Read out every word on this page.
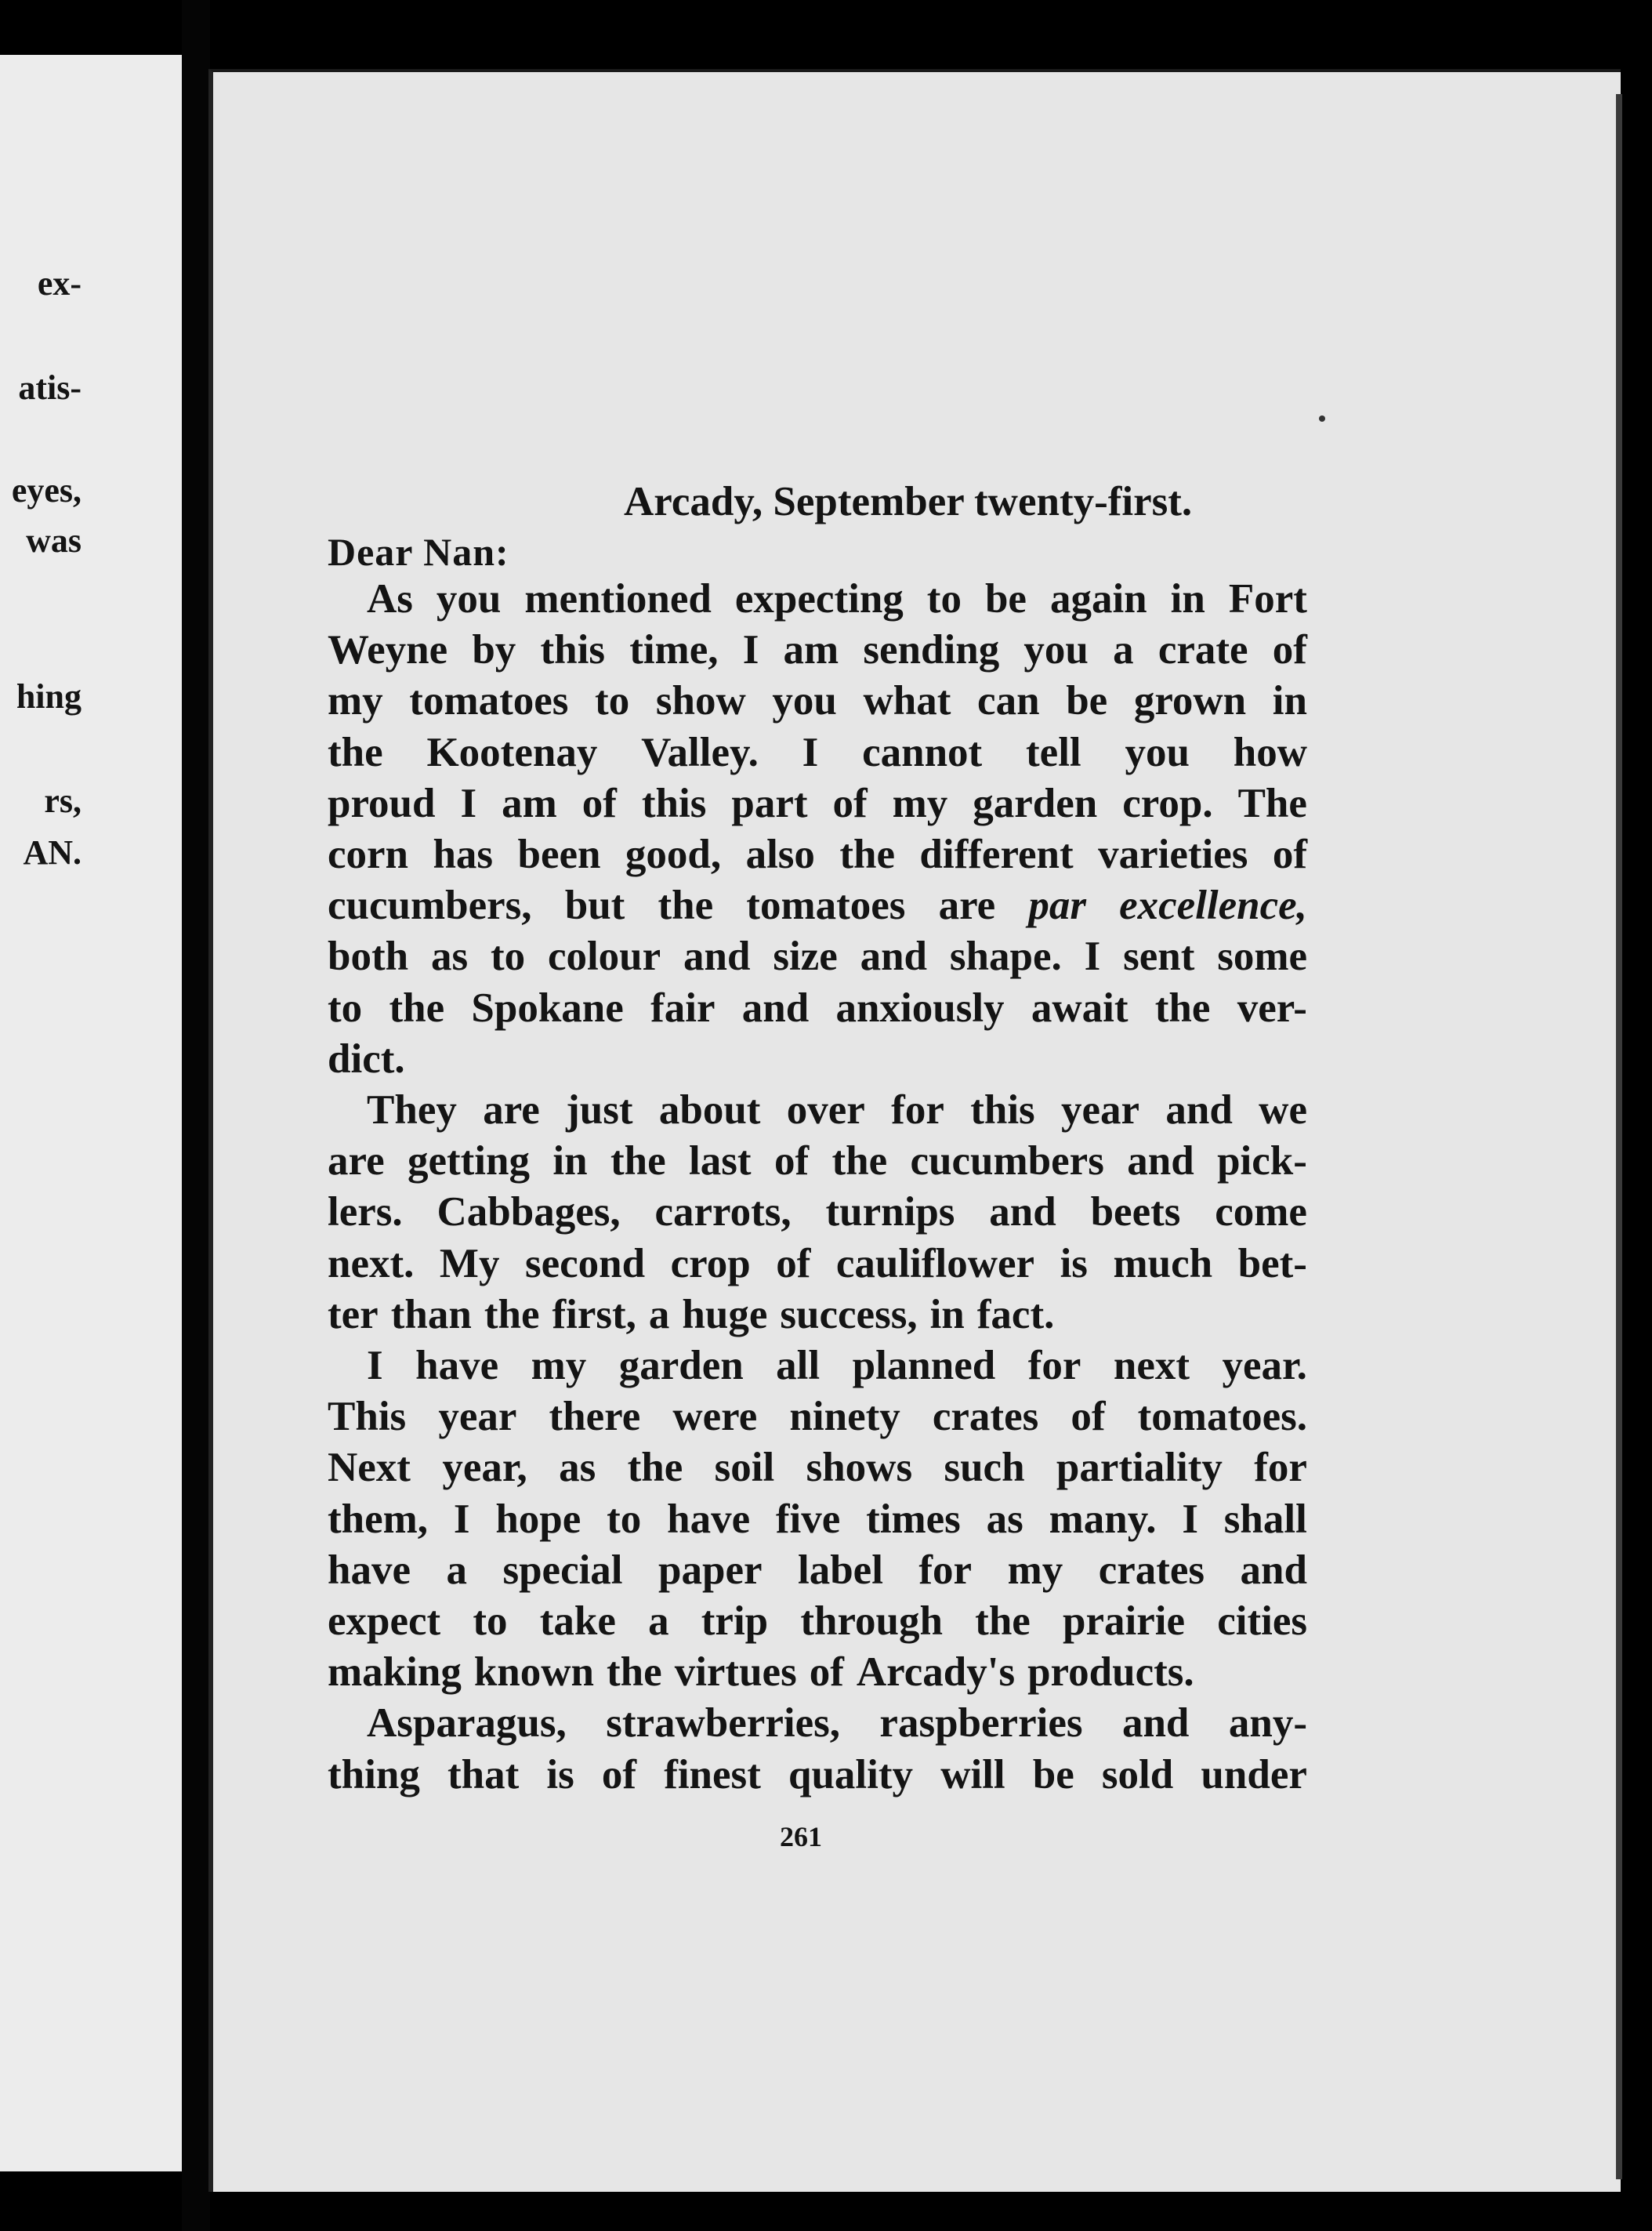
ex-
atis-
eyes,
was
hing
rs,
AN.
Arcady, September twenty-first.
Dear Nan:
As you mentioned expecting to be again in Fort
Weyne by this time, I am sending you a crate of
my tomatoes to show you what can be grown in
the Kootenay Valley. I cannot tell you how
proud I am of this part of my garden crop. The
corn has been good, also the different varieties of
cucumbers, but the tomatoes are par excellence,
both as to colour and size and shape. I sent some
to the Spokane fair and anxiously await the ver-
dict.
They are just about over for this year and we
are getting in the last of the cucumbers and pick-
lers. Cabbages, carrots, turnips and beets come
next. My second crop of cauliflower is much bet-
ter than the first, a huge success, in fact.
I have my garden all planned for next year.
This year there were ninety crates of tomatoes.
Next year, as the soil shows such partiality for
them, I hope to have five times as many. I shall
have a special paper label for my crates and
expect to take a trip through the prairie cities
making known the virtues of Arcady's products.
Asparagus, strawberries, raspberries and any-
thing that is of finest quality will be sold under
261
